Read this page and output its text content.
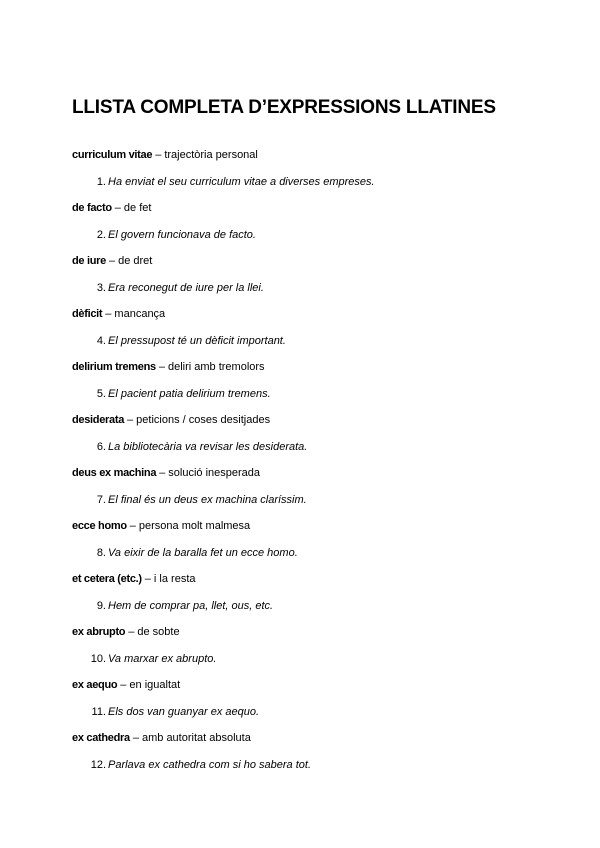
LLISTA COMPLETA D’EXPRESSIONS LLATINES
curriculum vitae – trajectòria personal
1. Ha enviat el seu curriculum vitae a diverses empreses.
de facto – de fet
2. El govern funcionava de facto.
de iure – de dret
3. Era reconegut de iure per la llei.
dèficit – mancança
4. El pressupost té un dèficit important.
delirium tremens – deliri amb tremolors
5. El pacient patia delirium tremens.
desiderata – peticions / coses desitjades
6. La bibliotecària va revisar les desiderata.
deus ex machina – solució inesperada
7. El final és un deus ex machina claríssim.
ecce homo – persona molt malmesa
8. Va eixir de la baralla fet un ecce homo.
et cetera (etc.) – i la resta
9. Hem de comprar pa, llet, ous, etc.
ex abrupto – de sobte
10. Va marxar ex abrupto.
ex aequo – en igualtat
11. Els dos van guanyar ex aequo.
ex cathedra – amb autoritat absoluta
12. Parlava ex cathedra com si ho sabera tot.
